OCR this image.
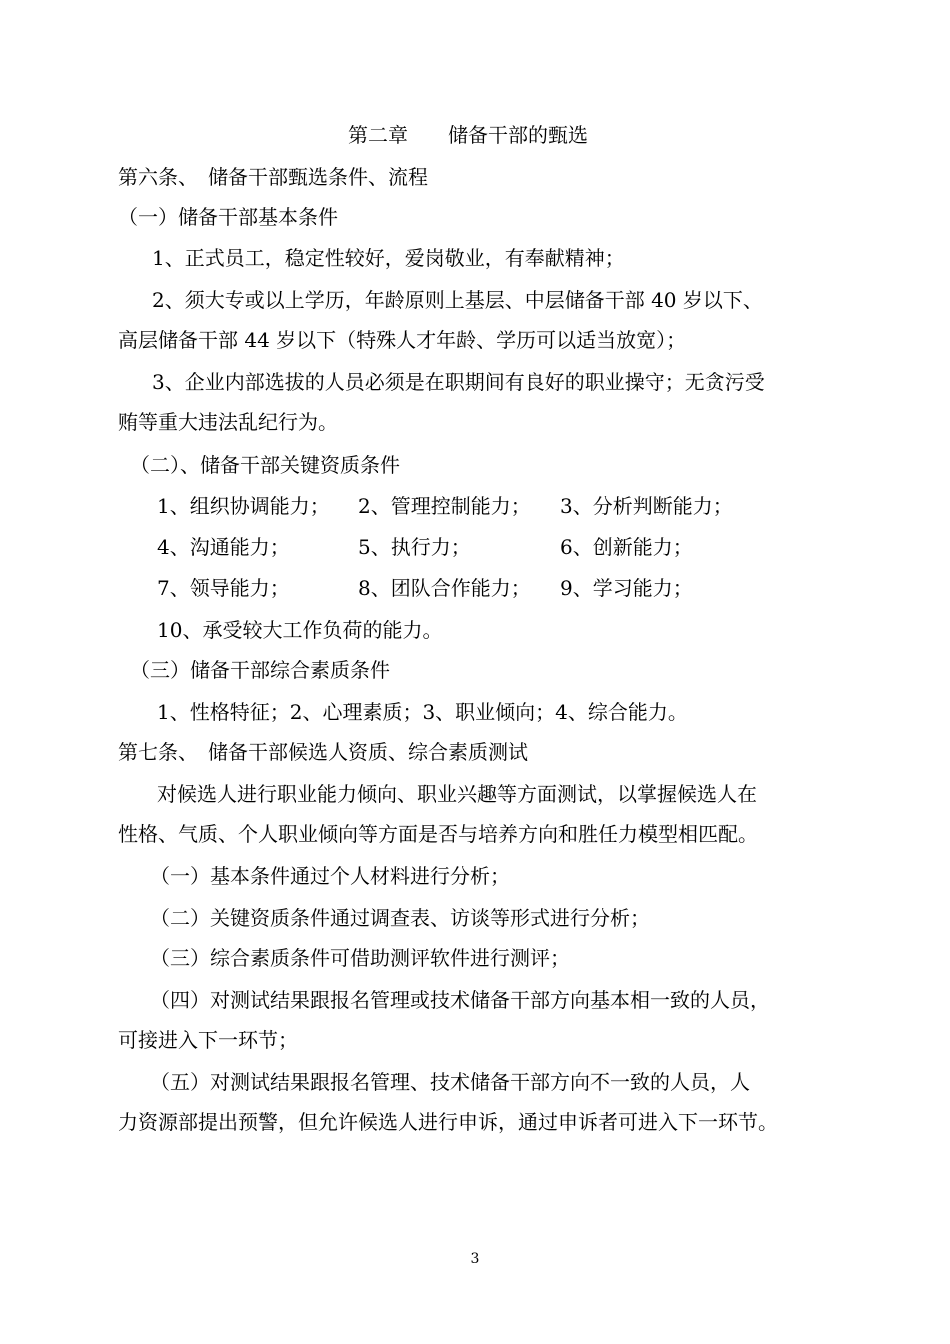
第二章　　储备干部的甄选
第六条、　储备干部甄选条件、流程
（一）储备干部基本条件
1、正式员工，稳定性较好，爱岗敬业，有奉献精神；
2、须大专或以上学历，年龄原则上基层、中层储备干部 40 岁以下、
高层储备干部 44 岁以下（特殊人才年龄、学历可以适当放宽）；
3、企业内部选拔的人员必须是在职期间有良好的职业操守；无贪污受
贿等重大违法乱纪行为。
（二）、储备干部关键资质条件
1、组织协调能力； 2、管理控制能力； 3、分析判断能力；
4、沟通能力；	5、执行力；	6、创新能力；
7、领导能力；	8、团队合作能力； 9、学习能力；
10、承受较大工作负荷的能力。
（三）储备干部综合素质条件
1、性格特征；2、心理素质；3、职业倾向；4、综合能力。
第七条、　储备干部候选人资质、综合素质测试
对候选人进行职业能力倾向、职业兴趣等方面测试，以掌握候选人在
性格、气质、个人职业倾向等方面是否与培养方向和胜任力模型相匹配。
（一）基本条件通过个人材料进行分析；
（二）关键资质条件通过调查表、访谈等形式进行分析；
（三）综合素质条件可借助测评软件进行测评；
（四）对测试结果跟报名管理或技术储备干部方向基本相一致的人员，
可接进入下一环节；
（五）对测试结果跟报名管理、技术储备干部方向不一致的人员，人
力资源部提出预警，但允许候选人进行申诉，通过申诉者可进入下一环节。
3
